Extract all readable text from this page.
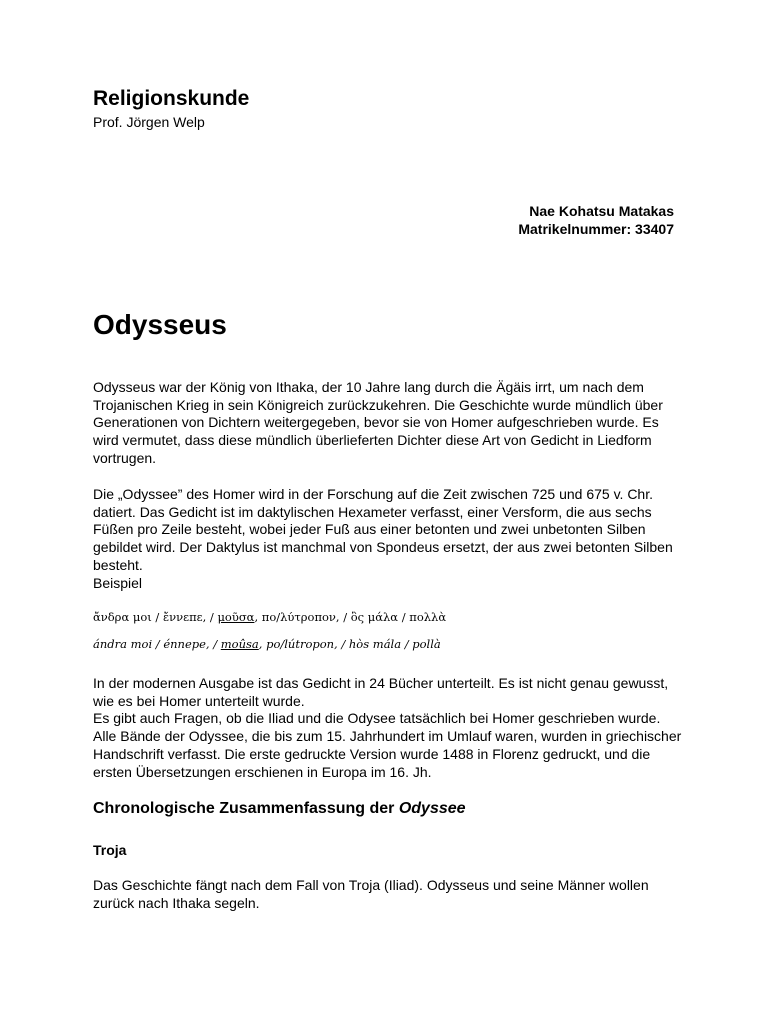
Religionskunde
Prof. Jörgen Welp
Nae Kohatsu Matakas
Matrikelnummer: 33407
Odysseus

Odysseus war der König von Ithaka, der 10 Jahre lang durch die Ägäis irrt, um nach dem Trojanischen Krieg in sein Königreich zurückzukehren. Die Geschichte wurde mündlich über Generationen von Dichtern weitergegeben, bevor sie von Homer aufgeschrieben wurde. Es wird vermutet, dass diese mündlich überlieferten Dichter diese Art von Gedicht in Liedform vortrugen.

Die „Odyssee” des Homer wird in der Forschung auf die Zeit zwischen 725 und 675 v. Chr. datiert. Das Gedicht ist im daktylischen Hexameter verfasst, einer Versform, die aus sechs Füßen pro Zeile besteht, wobei jeder Fuß aus einer betonten und zwei unbetonten Silben gebildet wird. Der Daktylus ist manchmal von Spondeus ersetzt, der aus zwei betonten Silben besteht.
Beispiel

ἄνδρα μοι / ἔννεπε, / μοῦσα, πο/λύτροπον, / ὃς μάλα / πολλὰ
ándra moi / énnepe, / moûsa, po/lútropon, / hòs mála / pollà

In der modernen Ausgabe ist das Gedicht in 24 Bücher unterteilt. Es ist nicht genau gewusst, wie es bei Homer unterteilt wurde.
Es gibt auch Fragen, ob die Iliad und die Odysee tatsächlich bei Homer geschrieben wurde. Alle Bände der Odyssee, die bis zum 15. Jahrhundert im Umlauf waren, wurden in griechischer Handschrift verfasst. Die erste gedruckte Version wurde 1488 in Florenz gedruckt, und die ersten Übersetzungen erschienen in Europa im 16. Jh.

Chronologische Zusammenfassung der Odyssee
Troja

Das Geschichte fängt nach dem Fall von Troja (Iliad). Odysseus und seine Männer wollen zurück nach Ithaka segeln.
